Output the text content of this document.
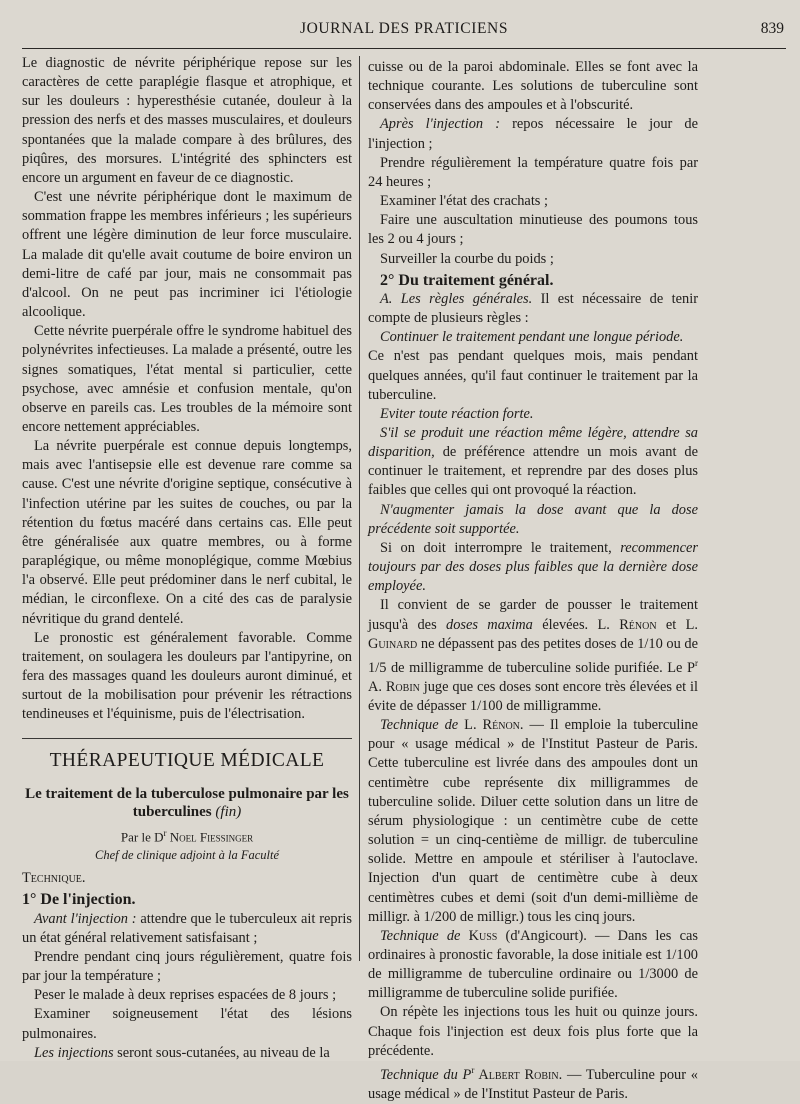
JOURNAL DES PRATICIENS	839

Le diagnostic de névrite périphérique repose sur les caractères de cette paraplégie flasque et atrophique, et sur les douleurs : hyperesthésie cutanée, douleur à la pression des nerfs et des masses musculaires, et douleurs spontanées que la malade compare à des brûlures, des piqûres, des morsures. L'intégrité des sphincters est encore un argument en faveur de ce diagnostic.

C'est une névrite périphérique dont le maximum de sommation frappe les membres inférieurs ; les supérieurs offrent une légère diminution de leur force musculaire. La malade dit qu'elle avait coutume de boire environ un demi-litre de café par jour, mais ne consommait pas d'alcool. On ne peut pas incriminer ici l'étiologie alcoolique.

Cette névrite puerpérale offre le syndrome habituel des polynévrites infectieuses. La malade a présenté, outre les signes somatiques, l'état mental si particulier, cette psychose, avec amnésie et confusion mentale, qu'on observe en pareils cas. Les troubles de la mémoire sont encore nettement appréciables.

La névrite puerpérale est connue depuis longtemps, mais avec l'antisepsie elle est devenue rare comme sa cause. C'est une névrite d'origine septique, consécutive à l'infection utérine par les suites de couches, ou par la rétention du fœtus macéré dans certains cas. Elle peut être généralisée aux quatre membres, ou à forme paraplégique, ou même monoplégique, comme Mœbius l'a observé. Elle peut prédominer dans le nerf cubital, le médian, le circonflexe. On a cité des cas de paralysie névritique du grand dentelé.

Le pronostic est généralement favorable. Comme traitement, on soulagera les douleurs par l'antipyrine, on fera des massages quand les douleurs auront diminué, et surtout de la mobilisation pour prévenir les rétractions tendineuses et l'équinisme, puis de l'électrisation.

THÉRAPEUTIQUE MÉDICALE

Le traitement de la tuberculose pulmonaire par les tuberculines (fin)

Par le $D^r$ Noel Fiessinger

Chef de clinique adjoint à la Faculté

Technique.

1° De l'injection.

Avant l'injection : attendre que le tuberculeux ait repris un état général relativement satisfaisant ;

Prendre pendant cinq jours régulièrement, quatre fois par jour la température ;

Peser le malade à deux reprises espacées de 8 jours ;

Examiner soigneusement l'état des lésions pulmonaires.

Les injections seront sous-cutanées, au niveau de la

cuisse ou de la paroi abdominale. Elles se font avec la technique courante. Les solutions de tuberculine sont conservées dans des ampoules et à l'obscurité.

Après l'injection : repos nécessaire le jour de l'injection ;

Prendre régulièrement la température quatre fois par 24 heures ;

Examiner l'état des crachats ;

Faire une auscultation minutieuse des poumons tous les 2 ou 4 jours ;

Surveiller la courbe du poids ;

2° Du traitement général.

A. Les règles générales. Il est nécessaire de tenir compte de plusieurs règles :

Continuer le traitement pendant une longue période.

Ce n'est pas pendant quelques mois, mais pendant quelques années, qu'il faut continuer le traitement par la tuberculine.

Eviter toute réaction forte.

S'il se produit une réaction même légère, attendre sa disparition, de préférence attendre un mois avant de continuer le traitement, et reprendre par des doses plus faibles que celles qui ont provoqué la réaction.

N'augmenter jamais la dose avant que la dose précédente soit supportée.

Si on doit interrompre le traitement, recommencer toujours par des doses plus faibles que la dernière dose employée.

Il convient de se garder de pousser le traitement jusqu'à des doses maxima élevées. L. Rénon et L. Guinard ne dépassent pas des petites doses de 1/10 ou de 1/5 de milligramme de tuberculine solide purifiée. Le $P^r$ A. Robin juge que ces doses sont encore très élevées et il évite de dépasser 1/100 de milligramme.

Technique de L. Rénon. — Il emploie la tuberculine pour « usage médical » de l'Institut Pasteur de Paris. Cette tuberculine est livrée dans des ampoules dont un centimètre cube représente dix milligrammes de tuberculine solide. Diluer cette solution dans un litre de sérum physiologique : un centimètre cube de cette solution = un cinq-centième de milligr. de tuberculine solide. Mettre en ampoule et stériliser à l'autoclave. Injection d'un quart de centimètre cube à deux centimètres cubes et demi (soit d'un demi-millième de milligr. à 1/200 de milligr.) tous les cinq jours.

Technique de Kuss (d'Angicourt). — Dans les cas ordinaires à pronostic favorable, la dose initiale est 1/100 de milligramme de tuberculine ordinaire ou 1/3000 de milligramme de tuberculine solide purifiée.

On répète les injections tous les huit ou quinze jours. Chaque fois l'injection est deux fois plus forte que la précédente.

Technique du $P^r$ Albert Robin. — Tuberculine pour « usage médical » de l'Institut Pasteur de Paris.
